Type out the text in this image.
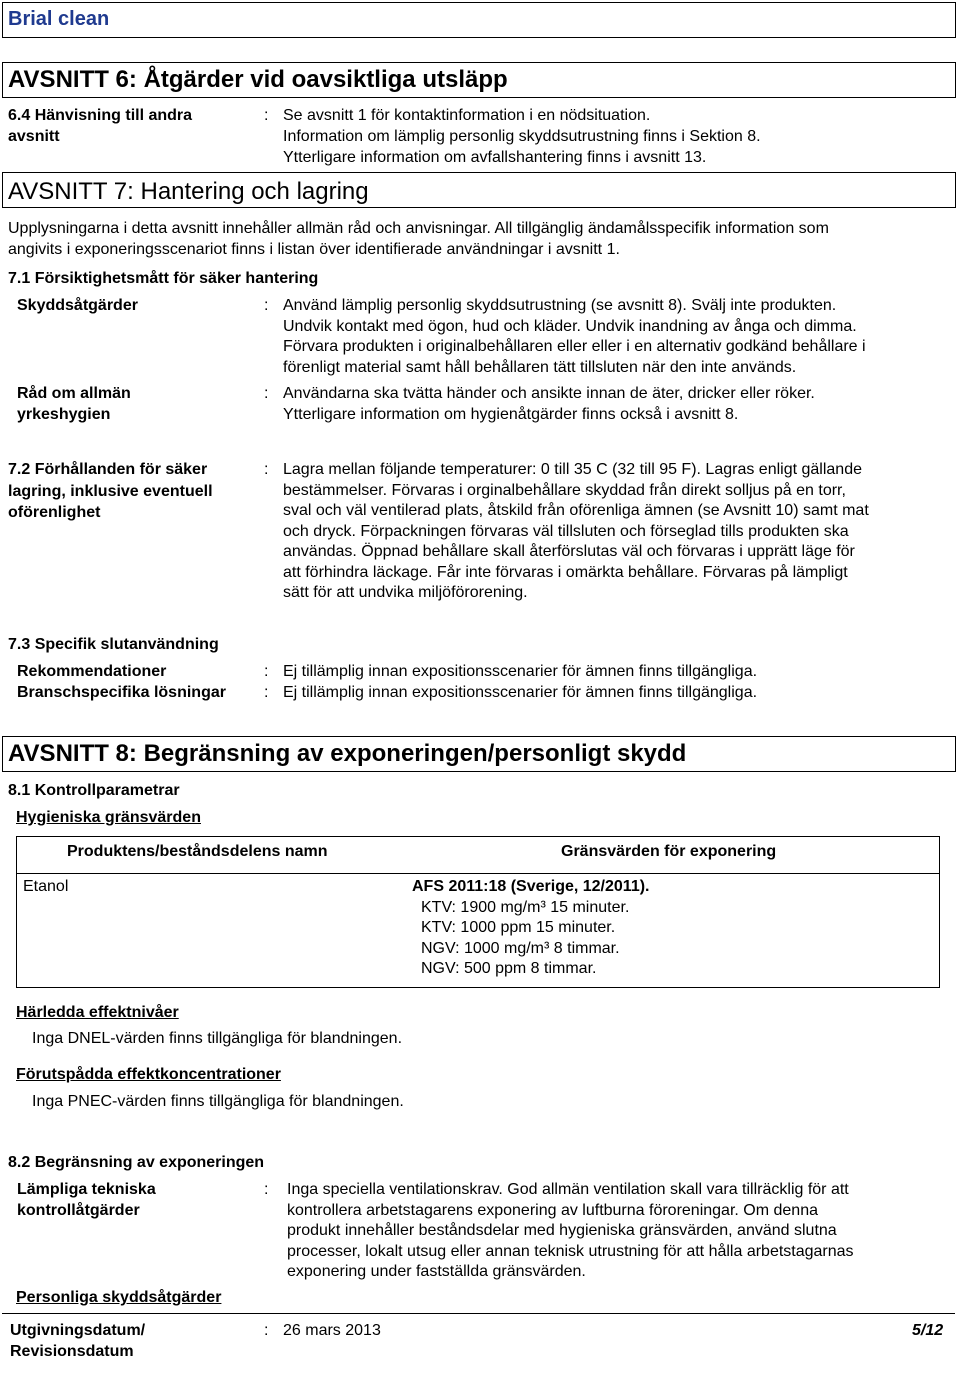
Brial clean
AVSNITT 6: Åtgärder vid oavsiktliga utsläpp
6.4 Hänvisning till andra
avsnitt
: Se avsnitt 1 för kontaktinformation i en nödsituation.
Information om lämplig personlig skyddsutrustning finns i Sektion 8.
Ytterligare information om avfallshantering finns i avsnitt 13.
AVSNITT 7: Hantering och lagring
Upplysningarna i detta avsnitt innehåller allmän råd och anvisningar. All tillgänglig ändamålsspecifik information som
angivits i exponeringsscenariot finns i listan över identifierade användningar i avsnitt 1.
7.1 Försiktighetsmått för säker hantering
Skyddsåtgärder	: Använd lämplig personlig skyddsutrustning (se avsnitt 8). Svälj inte produkten.
Undvik kontakt med ögon, hud och kläder. Undvik inandning av ånga och dimma.
Förvara produkten i originalbehållaren eller eller i en alternativ godkänd behållare i
förenligt material samt håll behållaren tätt tillsluten när den inte används.
Råd om allmän
yrkeshygien
: Användarna ska tvätta händer och ansikte innan de äter, dricker eller röker.
Ytterligare information om hygienåtgärder finns också i avsnitt 8.
7.2 Förhållanden för säker
lagring, inklusive eventuell
oförenlighet
: Lagra mellan följande temperaturer: 0 till 35 C (32 till 95 F). Lagras enligt gällande
bestämmelser. Förvaras i orginalbehållare skyddad från direkt solljus på en torr,
sval och väl ventilerad plats, åtskild från oförenliga ämnen (se Avsnitt 10) samt mat
och dryck. Förpackningen förvaras väl tillsluten och förseglad tills produkten ska
användas. Öppnad behållare skall återförslutas väl och förvaras i upprätt läge för
att förhindra läckage. Får inte förvaras i omärkta behållare. Förvaras på lämpligt
sätt för att undvika miljöförorening.
7.3 Specifik slutanvändning
Rekommendationer	: Ej tillämplig innan expositionsscenarier för ämnen finns tillgängliga.
Branschspecifika lösningar : Ej tillämplig innan expositionsscenarier för ämnen finns tillgängliga.
AVSNITT 8: Begränsning av exponeringen/personligt skydd
8.1 Kontrollparametrar
Hygieniska gränsvärden
Produktens/beståndsdelens namn	Gränsvärden för exponering
Etanol	AFS 2011:18 (Sverige, 12/2011).
KTV: 1900 mg/m³ 15 minuter.
KTV: 1000 ppm 15 minuter.
NGV: 1000 mg/m³ 8 timmar.
NGV: 500 ppm 8 timmar.
Härledda effektnivåer
Inga DNEL-värden finns tillgängliga för blandningen.
Förutspådda effektkoncentrationer
Inga PNEC-värden finns tillgängliga för blandningen.
8.2 Begränsning av exponeringen
Lämpliga tekniska
kontrollåtgärder
: Inga speciella ventilationskrav. God allmän ventilation skall vara tillräcklig för att
kontrollera arbetstagarens exponering av luftburna föroreningar. Om denna
produkt innehåller beståndsdelar med hygieniska gränsvärden, använd slutna
processer, lokalt utsug eller annan teknisk utrustning för att hålla arbetstagarnas
exponering under fastställda gränsvärden.
Personliga skyddsåtgärder
Utgivningsdatum/
Revisionsdatum
: 26 mars 2013	5/12
